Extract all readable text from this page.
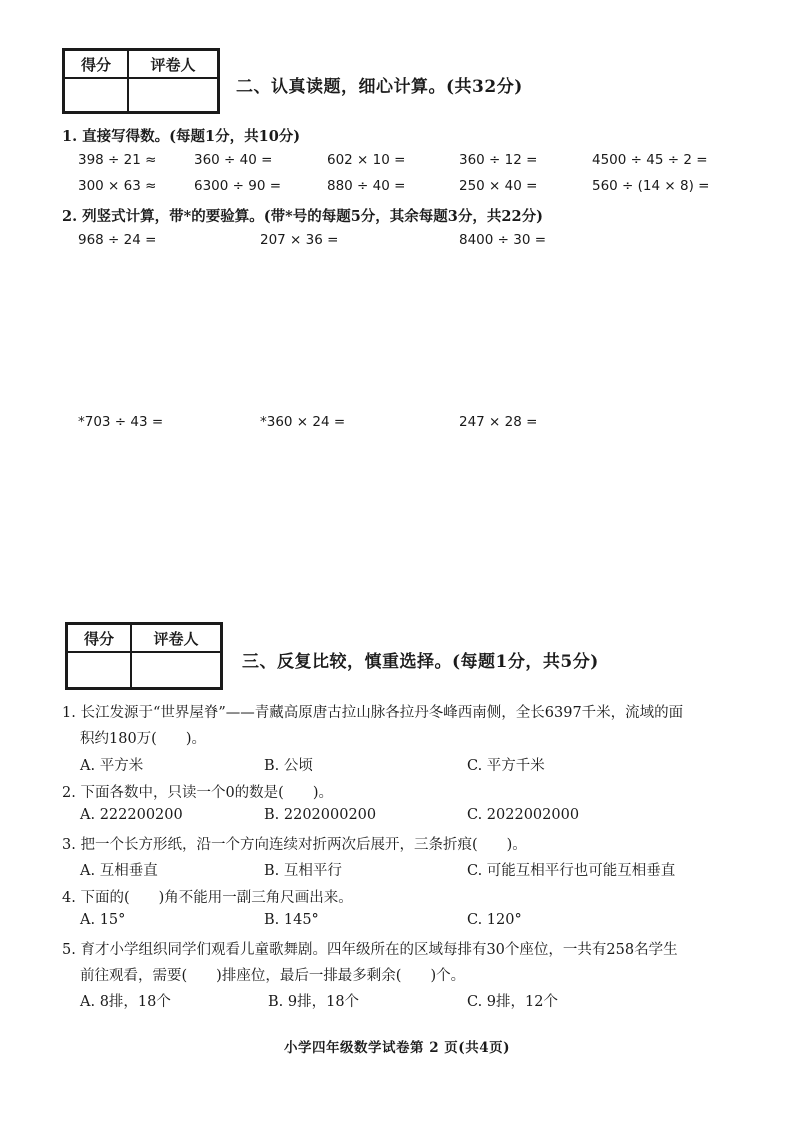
得分	评卷人
二、认真读题，细心计算。(共32分)
1. 直接写得数。(每题1分，共10分)
398 ÷ 21 ≈	360 ÷ 40 =	602 × 10 =	360 ÷ 12 =	4500 ÷ 45 ÷ 2 =
300 × 63 ≈	6300 ÷ 90 =	880 ÷ 40 =	250 × 40 =	560 ÷ (14 × 8) =
2. 列竖式计算，带*的要验算。(带*号的每题5分，其余每题3分，共22分)
968 ÷ 24 =	207 × 36 =	8400 ÷ 30 =
*703 ÷ 43 =	*360 × 24 =	247 × 28 =
得分	评卷人
三、反复比较，慎重选择。(每题1分，共5分)
1. 长江发源于“世界屋脊”——青藏高原唐古拉山脉各拉丹冬峰西南侧，全长6397千米，流域的面
积约180万(　　)。
A. 平方米	B. 公顷	C. 平方千米
2. 下面各数中，只读一个0的数是(　　)。
A. 222200200	B. 2202000200	C. 2022002000
3. 把一个长方形纸，沿一个方向连续对折两次后展开，三条折痕(　　)。
A. 互相垂直	B. 互相平行	C. 可能互相平行也可能互相垂直
4. 下面的(　　)角不能用一副三角尺画出来。
A. 15°	B. 145°	C. 120°
5. 育才小学组织同学们观看儿童歌舞剧。四年级所在的区域每排有30个座位，一共有258名学生
前往观看，需要(　　)排座位，最后一排最多剩余(　　)个。
A. 8排，18个	B. 9排，18个	C. 9排，12个
小学四年级数学试卷第 2 页(共4页)
